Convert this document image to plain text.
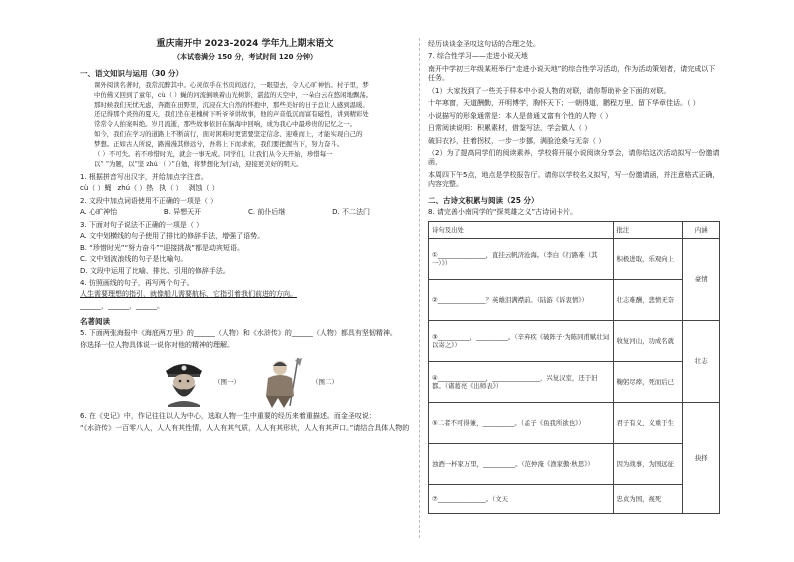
重庆南开中 2023-2024 学年九上期末语文
（本试卷满分 150 分，考试时间 120 分钟）
一、语文知识与运用（30 分）

课外阅读名著时，我常沉醉其中。心灵似乎在书页间远行，一眼望去，令人心旷神怡。村子里，梦

中仿佛又回到了童年，cù（ ）蝇的河流倒映着山光树影，湛蓝的天空中，一朵白云在悠闲地飘荡。

那时候我们无忧无虑，奔跑在田野里，沉浸在大自然的怀抱中，那些美好的日子总让人感到温暖。

还记得那个炎热的夏天，我们坐在老槐树下听爷爷讲故事，他的声音低沉而富有磁性，讲到精彩处

常常令人拍案叫绝。岁月流逝，那些故事依旧在脑海中回响，成为我心中最珍贵的记忆之一。

如今，我们在学习的道路上不断前行，面对困难时更需要坚定信念、迎难而上，才能实现自己的

梦想。正如古人所说，路漫漫其修远兮，吾将上下而求索，我们要把握当下，努力奋斗。

（ ）不可失。若不珍惜时光，就会一事无成。同学们，让我们从今天开始，珍惜每一

以“ ”为题，以“坚 zhú （ ）”自勉，将梦想化为行动，迎接更美好的明天。

1. 根据拼音写出汉字，并给加点字注音。
cù（ ）蝇 zhú（ ）热 执（ ） 剥蚀（ ）
2. 文段中加点词语使用不正确的一项是（ ）
A. 心旷神怡	B. 异想天开	C. 前仆后继	D. 不二法门
3. 下面对句子说法不正确的一项是（ ）
A. 文中划横线的句子使用了排比的修辞手法，增强了语势。
B. “珍惜时光”“努力奋斗”“迎接挑战”都是动宾短语。
C. 文中划波浪线的句子是比喻句。
D. 文段中运用了比喻、排比、引用的修辞手法。
4. 仿照画线的句子，再写两个句子。
人生需要理想的指引，就像船儿需要航标，它指引着我们前进的方向。
______，______，______。
名著阅读
5. 下面两张海报中《海底两万里》的______（人物）和《水浒传》的______（人物）都具有坚韧精神。
你选择一位人物具体说一说你对他的精神的理解。
（图一）	（图二）
6. 在《史记》中，作记往往以人为中心，选取人物一生中重要的经历来着重描述。而金圣叹说：
“《水浒传》一百零八人，人人有其性情，人人有其气质，人人有其形状，人人有其声口。”请结合具体人物的
经历谈谈金圣叹这句话的合理之处。
7. 综合性学习——走进小说天地
南开中学初三年级某班举行“走进小说天地”的综合性学习活动，作为活动策划者，请完成以下任务。
（1）大家找到了一些关于样本中小说人物的对联，请你帮助补全下面的对联。
十年寒窗，天道酬勤，开明博学，胸怀天下；一朝得道，鹏程万里，留下华章佳话。（ ）
小说描写的形象通常是：本人是普通又富有个性的人物（ ）
日常阅读说明：积累素材，借鉴写法，学会做人（ ）
破旧衣衫，拄着拐杖，一步一步挪，满脸沧桑与无奈（ ）
（2）为了提高同学们的阅读素养，学校将开展小说阅读分享会，请你给这次活动拟写一份邀请函，
本周四下午5点，地点是学校报告厅。请你以学校名义拟写，写一份邀请函，并注意格式正确，内容完整。
二、古诗文积累与阅读（25 分）
8. 请完善小南同学的“探英雄之义”古诗词卡片。
诗句及出处	批注	内涵
①_______________，直挂云帆济沧海。（李白《行路难（其一）》）	积极进取，乐观向上	豪情
②_______________？英雄泪满襟前。（陆游《诉衷情》）	壮志难酬，悲愤无奈	
③__________，__________。（辛弃疾《破阵子·为陈同甫赋壮词以寄之》）	收复河山，功成名就	壮志
④_______________，_______________，兴复汉室，还于旧都。（诸葛亮《出师表》）	鞠躬尽瘁，死而后已	
⑤二者不可得兼，__________。（孟子《鱼我所欲也》）	君子有义，义重于生	抉择
浊酒一杯家万里，__________。（范仲淹《渔家傲·秋思》）	因为战事，为国远征	
⑦_______________。（文天	忠贞为国，视死	
